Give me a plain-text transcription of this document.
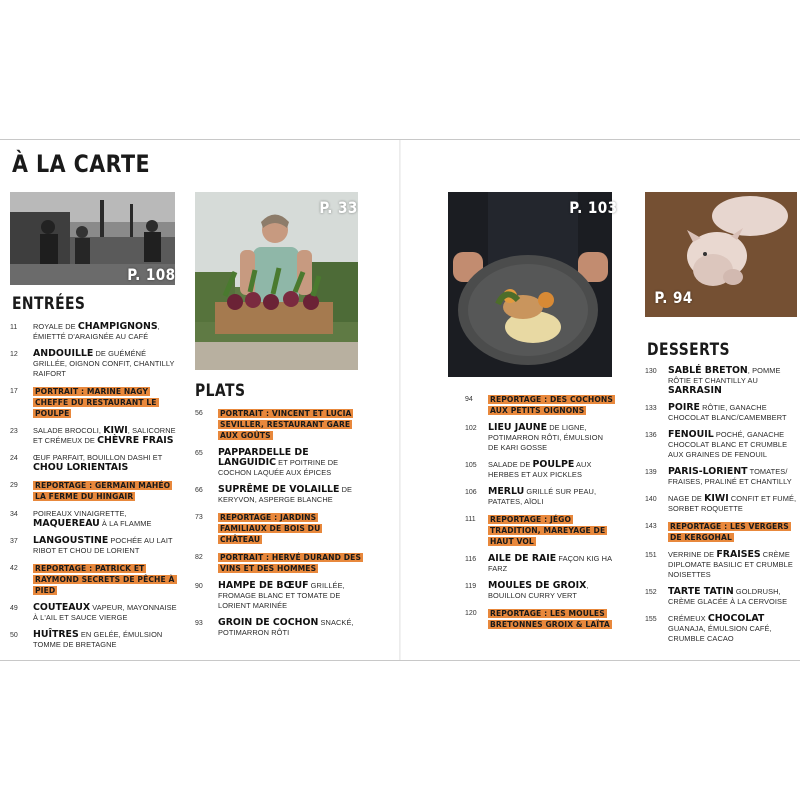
À LA CARTE
P. 108
P. 33	P. 103
P. 94
ENTRÉES
PLATS
DESSERTS
11	ROYALE DE CHAMPIGNONS, ÉMIETTÉ D'ARAIGNÉE AU CAFÉ
12	ANDOUILLE DE GUÉMÉNÉ GRILLÉE, OIGNON CONFIT, CHANTILLY RAIFORT
17	PORTRAIT : MARINE NAGY CHEFFE DU RESTAURANT LE POULPE
23	SALADE BROCOLI, KIWI, SALICORNE ET CRÉMEUX DE CHÈVRE FRAIS
24	ŒUF PARFAIT, BOUILLON DASHI ET CHOU LORIENTAIS
29	REPORTAGE : GERMAIN MAHÉO LA FERME DU HINGAIR
34	POIREAUX VINAIGRETTE, MAQUEREAU À LA FLAMME
37	LANGOUSTINE POCHÉE AU LAIT RIBOT ET CHOU DE LORIENT
42	REPORTAGE : PATRICK ET RAYMOND SECRETS DE PÊCHE À PIED
49	COUTEAUX VAPEUR, MAYONNAISE À L'AIL ET SAUCE VIERGE
50	HUÎTRES EN GELÉE, ÉMULSION TOMME DE BRETAGNE
56	PORTRAIT : VINCENT ET LUCIA SEVILLER, RESTAURANT GARE AUX GOÛTS
65	PAPPARDELLE DE LANGUIDIC ET POITRINE DE COCHON LAQUÉE AUX ÉPICES
66	SUPRÊME DE VOLAILLE DE KERYVON, ASPERGE BLANCHE
73	REPORTAGE : JARDINS FAMILIAUX DE BOIS DU CHÂTEAU
82	PORTRAIT : HERVÉ DURAND DES VINS ET DES HOMMES
90	HAMPE DE BŒUF GRILLÉE, FROMAGE BLANC ET TOMATE DE LORIENT MARINÉE
93	GROIN DE COCHON SNACKÉ, POTIMARRON RÔTI
94	REPORTAGE : DES COCHONS AUX PETITS OIGNONS
102	LIEU JAUNE DE LIGNE, POTIMARRON RÔTI, ÉMULSION DE KARI GOSSE
105	SALADE DE POULPE AUX HERBES ET AUX PICKLES
106	MERLU GRILLÉ SUR PEAU, PATATES, AÏOLI
111	REPORTAGE : JÉGO TRADITION, MAREYAGE DE HAUT VOL
116	AILE DE RAIE FAÇON KIG HA FARZ
119	MOULES DE GROIX, BOUILLON CURRY VERT
120	REPORTAGE : LES MOULES BRETONNES GROIX & LAÏTA
130	SABLÉ BRETON, POMME RÔTIE ET CHANTILLY AU SARRASIN
133	POIRE RÔTIE, GANACHE CHOCOLAT BLANC/CAMEMBERT
136	FENOUIL POCHÉ, GANACHE CHOCOLAT BLANC ET CRUMBLE AUX GRAINES DE FENOUIL
139	PARIS-LORIENT TOMATES/ FRAISES, PRALINÉ ET CHANTILLY
140	NAGE DE KIWI CONFIT ET FUMÉ, SORBET ROQUETTE
143	REPORTAGE : LES VERGERS DE KERGOHAL
151	VERRINE DE FRAISES CRÈME DIPLOMATE BASILIC ET CRUMBLE NOISETTES
152	TARTE TATIN GOLDRUSH, CRÈME GLACÉE À LA CERVOISE
155	CRÉMEUX CHOCOLAT GUANAJA, ÉMULSION CAFÉ, CRUMBLE CACAO
